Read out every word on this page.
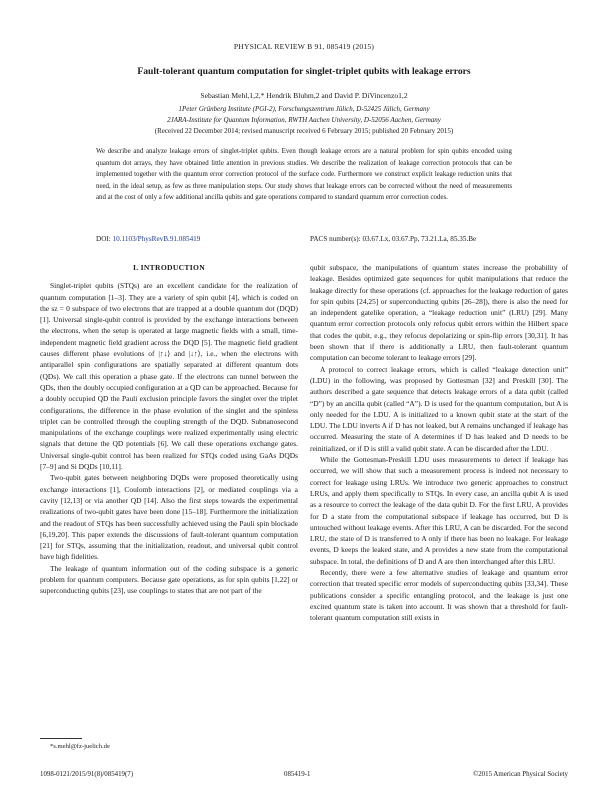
PHYSICAL REVIEW B 91, 085419 (2015)
Fault-tolerant quantum computation for singlet-triplet qubits with leakage errors
Sebastian Mehl,1,2,* Hendrik Bluhm,2 and David P. DiVincenzo1,2
1Peter Grünberg Institute (PGI-2), Forschungszentrum Jülich, D-52425 Jülich, Germany
2JARA-Institute for Quantum Information, RWTH Aachen University, D-52056 Aachen, Germany
(Received 22 December 2014; revised manuscript received 6 February 2015; published 20 February 2015)

We describe and analyze leakage errors of singlet-triplet qubits. Even though leakage errors are a natural problem for spin qubits encoded using quantum dot arrays, they have obtained little attention in previous studies. We describe the realization of leakage correction protocols that can be implemented together with the quantum error correction protocol of the surface code. Furthermore we construct explicit leakage reduction units that need, in the ideal setup, as few as three manipulation steps. Our study shows that leakage errors can be corrected without the need of measurements and at the cost of only a few additional ancilla qubits and gate operations compared to standard quantum error correction codes.

DOI: 10.1103/PhysRevB.91.085419	PACS number(s): 03.67.Lx, 03.67.Pp, 73.21.La, 85.35.Be
I. INTRODUCTION

Singlet-triplet qubits (STQs) are an excellent candidate for the realization of quantum computation [1–3]. They are a variety of spin qubit [4], which is coded on the sz = 0 subspace of two electrons that are trapped at a double quantum dot (DQD) [1]. Universal single-qubit control is provided by the exchange interactions between the electrons, when the setup is operated at large magnetic fields with a small, time-independent magnetic field gradient across the DQD [5]. The magnetic field gradient causes different phase evolutions of |↑↓⟩ and |↓↑⟩, i.e., when the electrons with antiparallel spin configurations are spatially separated at different quantum dots (QDs). We call this operation a phase gate. If the electrons can tunnel between the QDs, then the doubly occupied configuration at a QD can be approached. Because for a doubly occupied QD the Pauli exclusion principle favors the singlet over the triplet configurations, the difference in the phase evolution of the singlet and the spinless triplet can be controlled through the coupling strength of the DQD. Subnanosecond manipulations of the exchange couplings were realized experimentally using electric signals that detune the QD potentials [6]. We call these operations exchange gates. Universal single-qubit control has been realized for STQs coded using GaAs DQDs [7–9] and Si DQDs [10,11].

Two-qubit gates between neighboring DQDs were proposed theoretically using exchange interactions [1], Coulomb interactions [2], or mediated couplings via a cavity [12,13] or via another QD [14]. Also the first steps towards the experimental realizations of two-qubit gates have been done [15–18]. Furthermore the initialization and the readout of STQs has been successfully achieved using the Pauli spin blockade [6,19,20]. This paper extends the discussions of fault-tolerant quantum computation [21] for STQs, assuming that the initialization, readout, and universal qubit control have high fidelities.

The leakage of quantum information out of the coding subspace is a generic problem for quantum computers. Because gate operations, as for spin qubits [1,22] or superconducting qubits [23], use couplings to states that are not part of the

qubit subspace, the manipulations of quantum states increase the probability of leakage. Besides optimized gate sequences for qubit manipulations that reduce the leakage directly for these operations (cf. approaches for the leakage reduction of gates for spin qubits [24,25] or superconducting qubits [26–28]), there is also the need for an independent gatelike operation, a “leakage reduction unit” (LRU) [29]. Many quantum error correction protocols only refocus qubit errors within the Hilbert space that codes the qubit, e.g., they refocus depolarizing or spin-flip errors [30,31]. It has been shown that if there is additionally a LRU, then fault-tolerant quantum computation can become tolerant to leakage errors [29].

A protocol to correct leakage errors, which is called “leakage detection unit” (LDU) in the following, was proposed by Gottesman [32] and Preskill [30]. The authors described a gate sequence that detects leakage errors of a data qubit (called “D”) by an ancilla qubit (called “A”). D is used for the quantum computation, but A is only needed for the LDU. A is initialized to a known qubit state at the start of the LDU. The LDU inverts A if D has not leaked, but A remains unchanged if leakage has occurred. Measuring the state of A determines if D has leaked and D needs to be reinitialized, or if D is still a valid qubit state. A can be discarded after the LDU.

While the Gottesman-Preskill LDU uses measurements to detect if leakage has occurred, we will show that such a measurement process is indeed not necessary to correct for leakage using LRUs. We introduce two generic approaches to construct LRUs, and apply them specifically to STQs. In every case, an ancilla qubit A is used as a resource to correct the leakage of the data qubit D. For the first LRU, A provides for D a state from the computational subspace if leakage has occurred, but D is untouched without leakage events. After this LRU, A can be discarded. For the second LRU, the state of D is transferred to A only if there has been no leakage. For leakage events, D keeps the leaked state, and A provides a new state from the computational subspace. In total, the definitions of D and A are then interchanged after this LRU.

Recently, there were a few alternative studies of leakage and quantum error correction that treated specific error models of superconducting qubits [33,34]. These publications consider a specific entangling protocol, and the leakage is just one excited quantum state is taken into account. It was shown that a threshold for fault-tolerant quantum computation still exists in

*s.mehl@fz-juelich.de
1098-0121/2015/91(8)/085419(7)	085419-1	©2015 American Physical Society
